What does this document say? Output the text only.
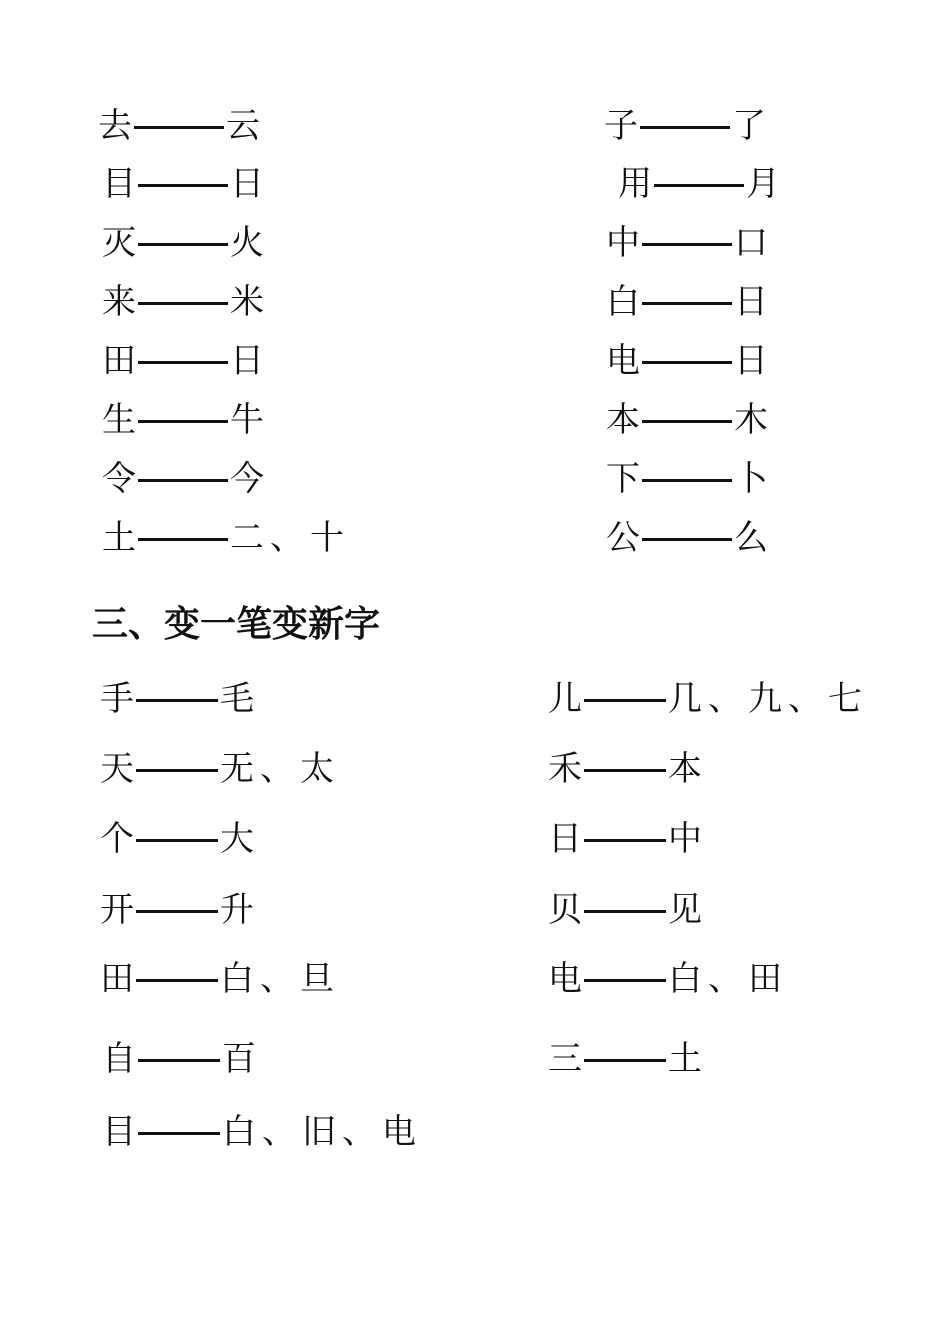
去	云
目	日
灭	火
来	米
田	日
生	牛
令	今
土	二、十
子	了
用	月
中	口
白	日
电	日
本	木
下	卜
公	么
三、变一笔变新字
手	毛
天	无、太
个	大
开	升
田	白、旦
自	百
目	白、旧、电
儿	几、九、七
禾	本
日	中
贝	见
电	白、田
三	土
